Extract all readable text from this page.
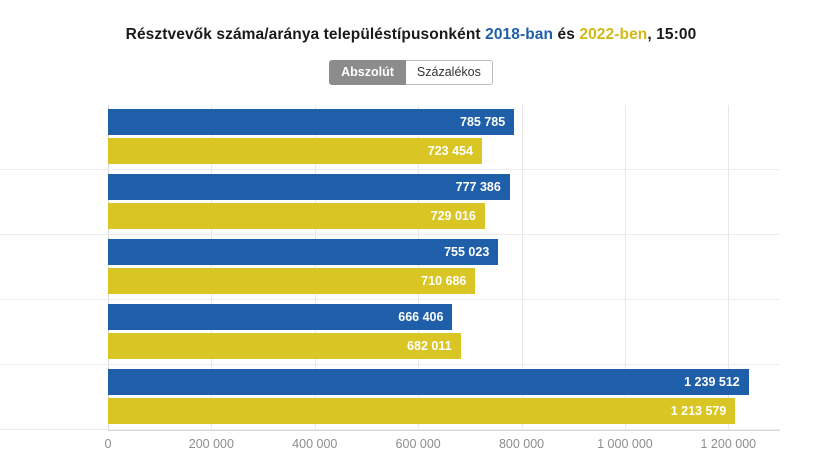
Résztvevők száma/aránya településtípusonként 2018-ban és 2022-ben, 15:00
Abszolút	Százalékos
785 785
723 454
777 386
729 016
755 023
710 686
666 406
682 011
1 239 512
1 213 579
0	200 000	400 000	600 000	800 000	1 000 000	1 200 000
